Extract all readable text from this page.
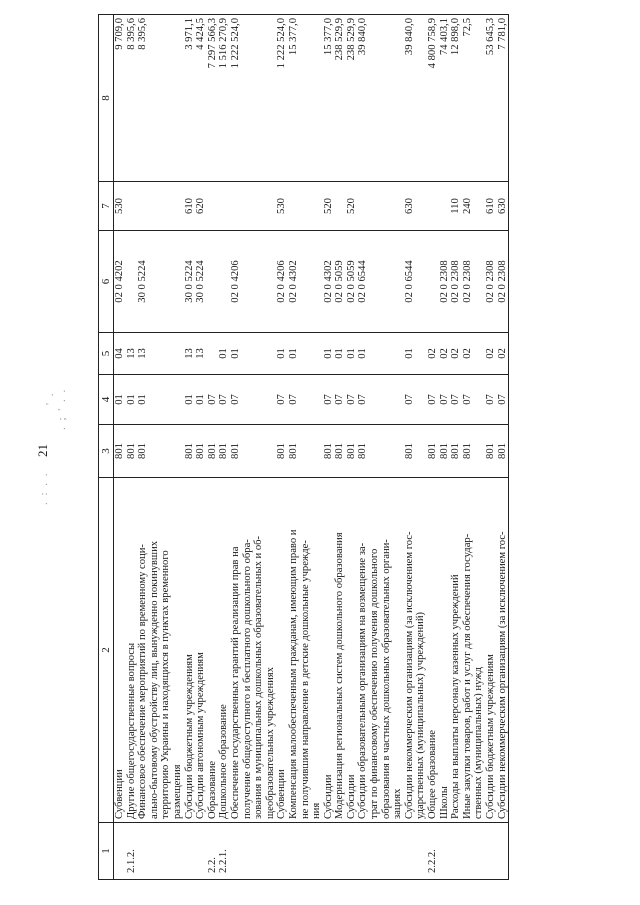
21
. : . .
. ; ' . .
' .
1	2	3	4	5	6	7	8

	Субвенции	801	01	04	02 0 4202	530	9 709,0
2.1.2.	Другие общегосударственные вопросы	801	01	13			8 395,6

	Финансовое обеспечение мероприятий по временному соци- ально-бытовому обустройству лиц, вынужденно покинувших территорию Украины и находящихся в пунктах временного размещения	801	01	13	30 0 5224		8 395,6

	Субсидии бюджетным учреждениям	801	01	13	30 0 5224	610	3 971,1

	Субсидии автономным учреждениям	801	01	13	30 0 5224	620	4 424,5
2.2.	Образование	801	07				7 297 566,3
2.2.1.	Дошкольное образование	801	07	01			1 516 270,9

	Обеспечение государственных гарантий реализации прав на получение общедоступного и бесплатного дошкольного обра- зования в муниципальных дошкольных образовательных и об- щеобразовательных учреждениях	801	07	01	02 0 4206		1 222 524,0

	Субвенции	801	07	01	02 0 4206	530	1 222 524,0

	Компенсация малообеспеченным гражданам, имеющим право и не получившим направление в детские дошкольные учрежде- ния	801	07	01	02 0 4302		15 377,0

	Субсидии	801	07	01	02 0 4302	520	15 377,0

	Модернизация региональных систем дошкольного образования	801	07	01	02 0 5059		238 529,9

	Субсидии	801	07	01	02 0 5059	520	238 529,9

	Субсидии образовательным организациям на возмещение за- трат по финансовому обеспечению получения дошкольного образования в частных дошкольных образовательных органи- зациях	801	07	01	02 0 6544		39 840,0

	Субсидии некоммерческим организациям (за исключением гос- ударственных (муниципальных) учреждений)	801	07	01	02 0 6544	630	39 840,0
2.2.2.	Общее образование	801	07	02			4 800 758,9

	Школы	801	07	02	02 0 2308		74 403,1

	Расходы на выплаты персоналу казенных учреждений	801	07	02	02 0 2308	110	12 898,0

	Иные закупки товаров, работ и услуг для обеспечения государ- ственных (муниципальных) нужд	801	07	02	02 0 2308	240	72,5

	Субсидии бюджетным учреждениям	801	07	02	02 0 2308	610	53 645,3

	Субсидии некоммерческим организациям (за исключением гос-	801	07	02	02 0 2308	630	7 781,0
